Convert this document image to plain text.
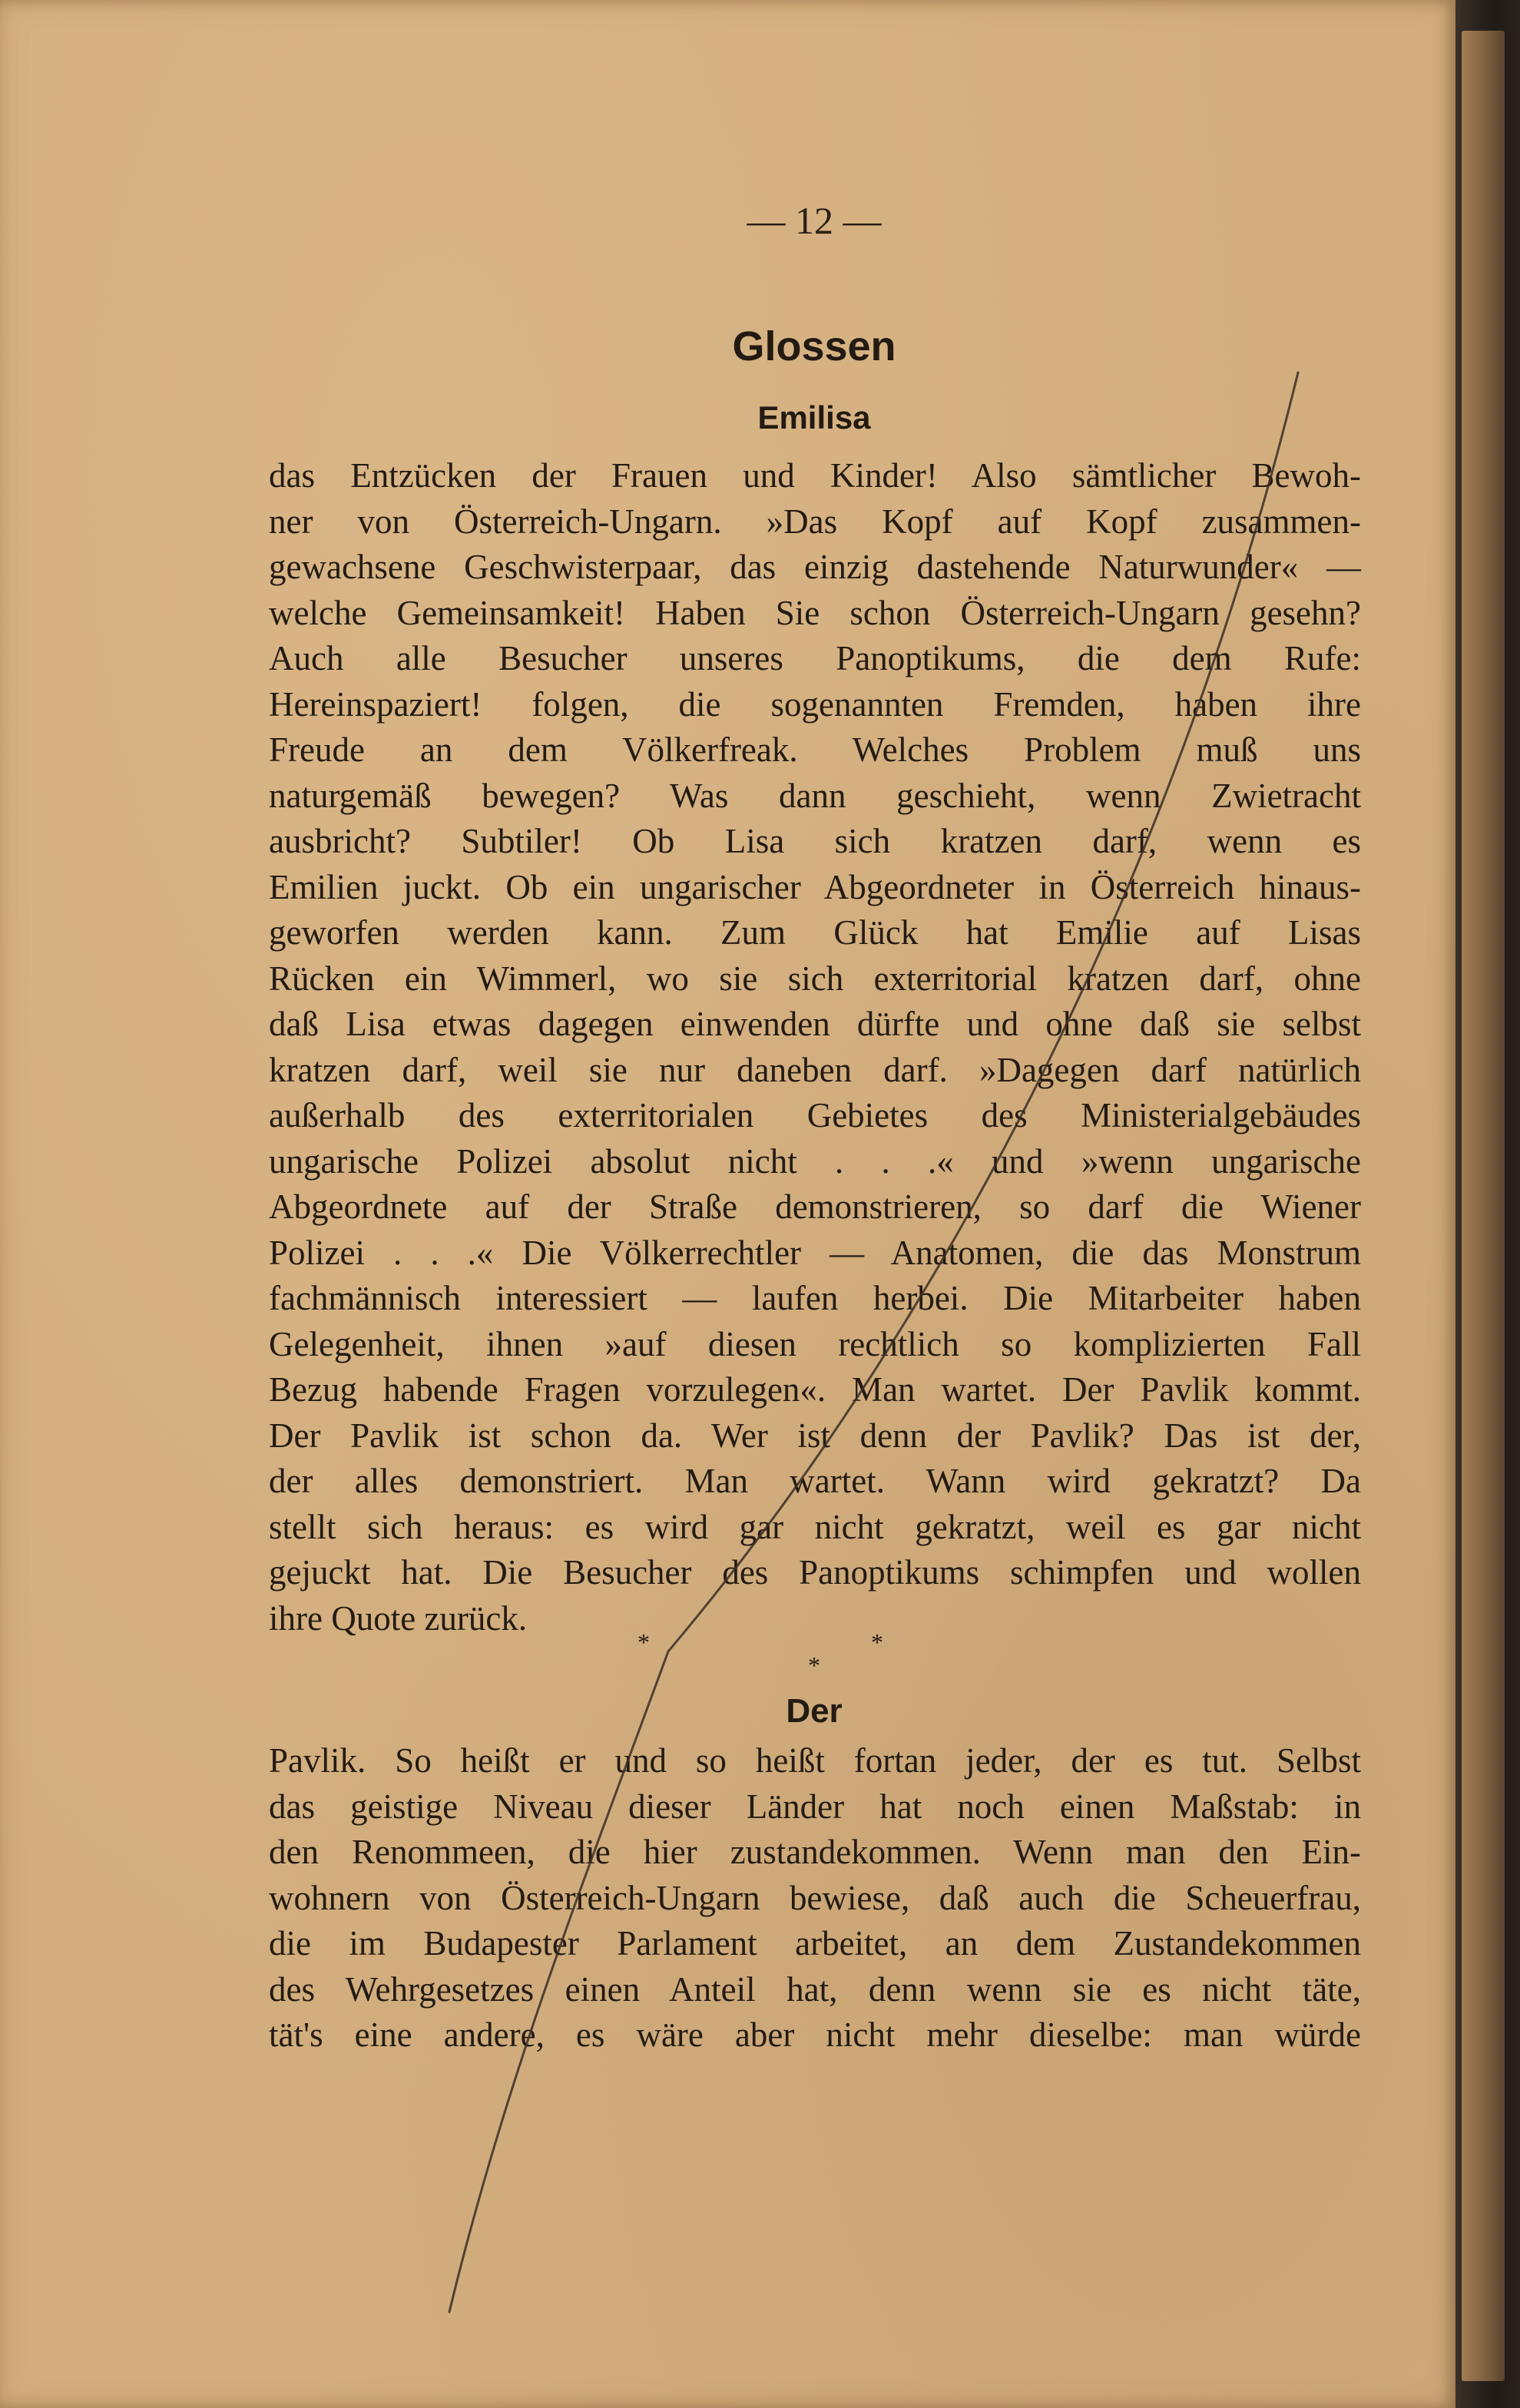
— 12 —
Glossen
Emilisa
das Entzücken der Frauen und Kinder! Also sämtlicher Bewoh-
ner von Österreich-Ungarn. »Das Kopf auf Kopf zusammen-
gewachsene Geschwisterpaar, das einzig dastehende Naturwunder« —
welche Gemeinsamkeit! Haben Sie schon Österreich-Ungarn gesehn?
Auch alle Besucher unseres Panoptikums, die dem Rufe:
Hereinspaziert! folgen, die sogenannten Fremden, haben ihre
Freude an dem Völkerfreak. Welches Problem muß uns
naturgemäß bewegen? Was dann geschieht, wenn Zwietracht
ausbricht? Subtiler! Ob Lisa sich kratzen darf, wenn es
Emilien juckt. Ob ein ungarischer Abgeordneter in Österreich hinaus-
geworfen werden kann. Zum Glück hat Emilie auf Lisas
Rücken ein Wimmerl, wo sie sich exterritorial kratzen darf, ohne
daß Lisa etwas dagegen einwenden dürfte und ohne daß sie selbst
kratzen darf, weil sie nur daneben darf. »Dagegen darf natürlich
außerhalb des exterritorialen Gebietes des Ministerialgebäudes
ungarische Polizei absolut nicht . . .« und »wenn ungarische
Abgeordnete auf der Straße demonstrieren, so darf die Wiener
Polizei . . .« Die Völkerrechtler — Anatomen, die das Monstrum
fachmännisch interessiert — laufen herbei. Die Mitarbeiter haben
Gelegenheit, ihnen »auf diesen rechtlich so komplizierten Fall
Bezug habende Fragen vorzulegen«. Man wartet. Der Pavlik kommt.
Der Pavlik ist schon da. Wer ist denn der Pavlik? Das ist der,
der alles demonstriert. Man wartet. Wann wird gekratzt? Da
stellt sich heraus: es wird gar nicht gekratzt, weil es gar nicht
gejuckt hat. Die Besucher des Panoptikums schimpfen und wollen
ihre Quote zurück.
* *
*
Der
Pavlik. So heißt er und so heißt fortan jeder, der es tut. Selbst
das geistige Niveau dieser Länder hat noch einen Maßstab: in
den Renommeen, die hier zustandekommen. Wenn man den Ein-
wohnern von Österreich-Ungarn bewiese, daß auch die Scheuerfrau,
die im Budapester Parlament arbeitet, an dem Zustandekommen
des Wehrgesetzes einen Anteil hat, denn wenn sie es nicht täte,
tät's eine andere, es wäre aber nicht mehr dieselbe: man würde
